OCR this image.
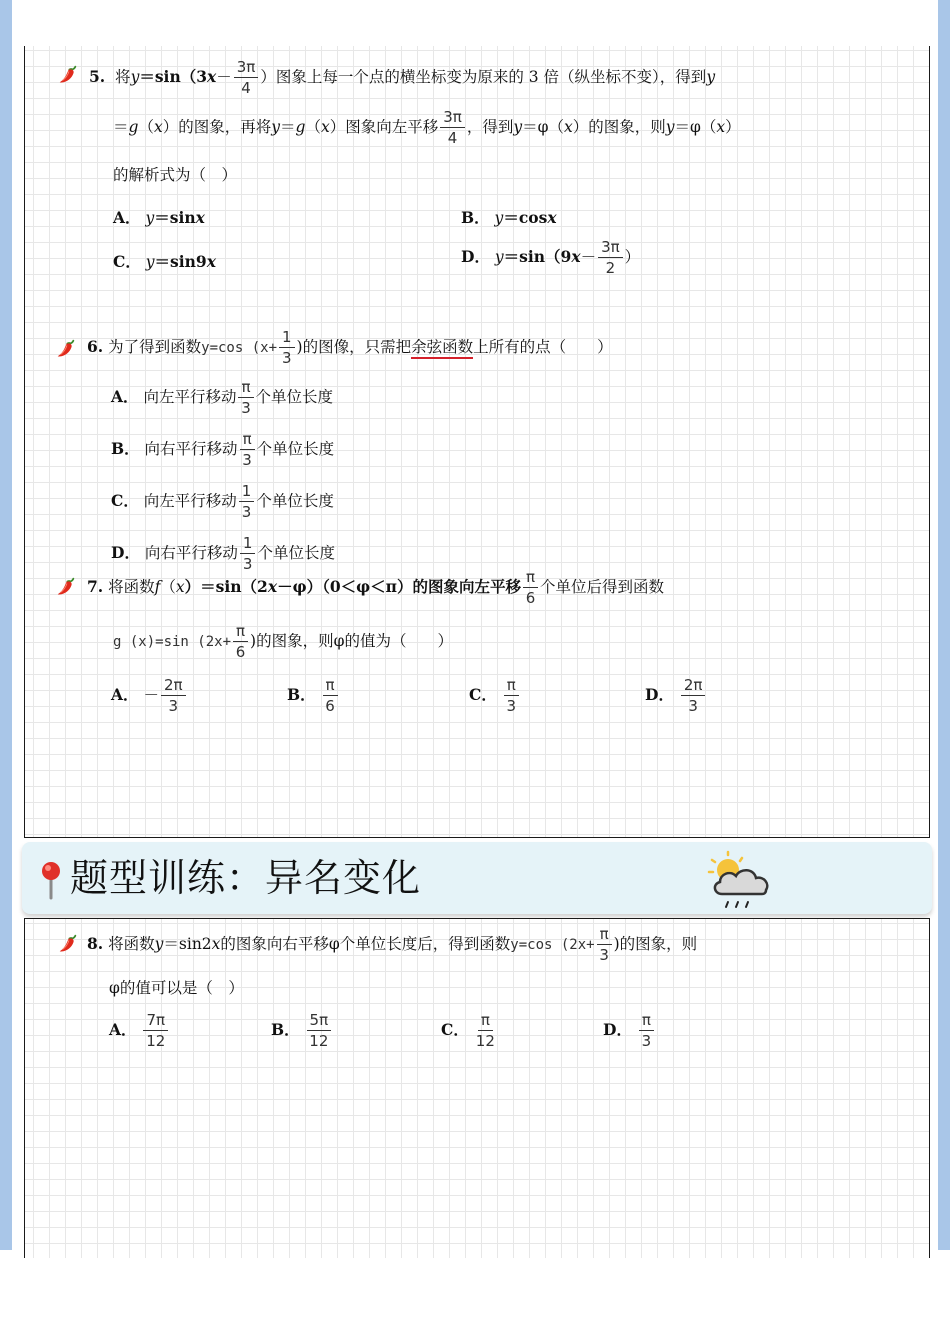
5. 将$y=\sin(3x- \frac{3\pi}{4}$ ）图象上每一个点的横坐标变为原来的 3 倍（纵坐标不变），得到y
＝g（x）的图象，再将y＝g（x）图象向左平移 $\frac{3\pi}{4}$ ，得到y＝φ（x）的图象，则y＝φ（x）
的解析式为（　）
A． y＝sinx	B． y＝cosx
C． y＝sin9x	D． $y=\sin(9x- \frac{3\pi}{2}$ ）
6. 为了得到函数y=cos ($x+ \frac{1}{3}$ )的图像，只需把余弦函数上所有的点（　　）
A． 向左平行移动 $\frac{\pi}{3}$ 个单位长度
B． 向右平行移动 $\frac{\pi}{3}$ 个单位长度
C． 向左平行移动 $\frac{1}{3}$ 个单位长度
D． 向右平行移动 $\frac{1}{3}$ 个单位长度
7. 将函数f（x）＝sin（2x－φ）（0＜φ＜π）的图象向左平移 $\frac{\pi}{6}$ 个单位后得到函数
g (x)=sin ($2x+ \frac{\pi}{6}$ )的图象，则φ的值为（　　）
A． － $\frac{2\pi}{3}$	B． $\frac{\pi}{6}$	C． $\frac{\pi}{3}$	D． $\frac{2\pi}{3}$
题型训练：异名变化
8. 将函数y＝sin2x的图象向右平移φ个单位长度后，得到函数y=cos ($2x+ \frac{\pi}{3}$ )的图象，则
φ的值可以是（　）
A． $\frac{7\pi}{12}$	B． $\frac{5\pi}{12}$	C． $\frac{\pi}{12}$	D． $\frac{\pi}{3}$
